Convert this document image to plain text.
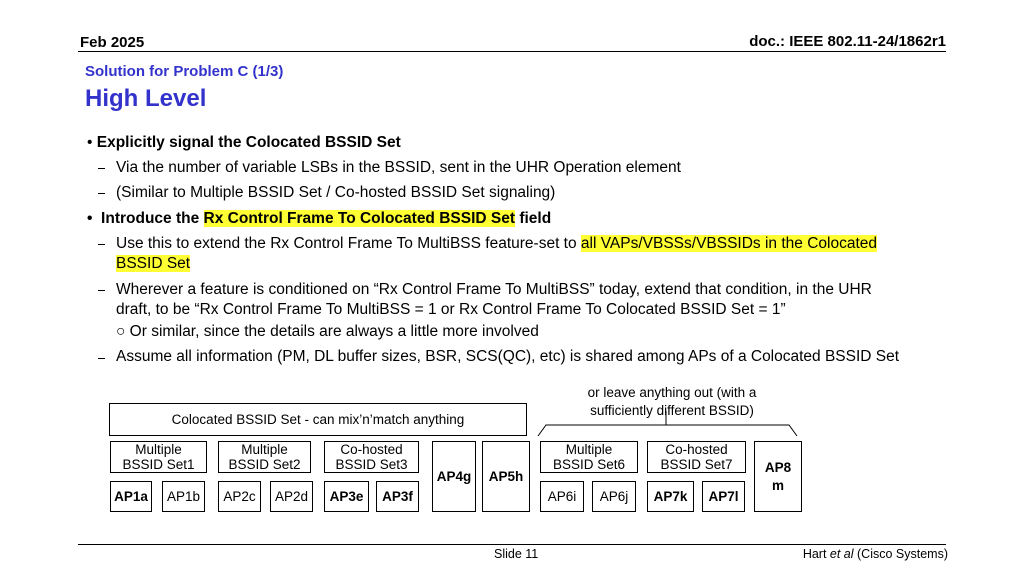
Feb 2025	doc.: IEEE 802.11-24/1862r1
Solution for Problem C (1/3)
High Level
• Explicitly signal the Colocated BSSID Set
Via the number of variable LSBs in the BSSID, sent in the UHR Operation element
(Similar to Multiple BSSID Set / Co-hosted BSSID Set signaling)
•  Introduce the Rx Control Frame To Colocated BSSID Set field
Use this to extend the Rx Control Frame To MultiBSS feature-set to all VAPs/VBSSs/VBSSIDs in the Colocated
BSSID Set
Wherever a feature is conditioned on “Rx Control Frame To MultiBSS” today, extend that condition, in the UHR
draft, to be “Rx Control Frame To MultiBSS = 1 or Rx Control Frame To Colocated BSSID Set = 1”
○ Or similar, since the details are always a little more involved
Assume all information (PM, DL buffer sizes, BSR, SCS(QC), etc) is shared among APs of a Colocated BSSID Set
or leave anything out (with a
sufficiently different BSSID)
Colocated BSSID Set - can mix’n’match anything
Multiple
BSSID Set1
Multiple
BSSID Set2
Co-hosted
BSSID Set3
Multiple
BSSID Set6
Co-hosted
BSSID Set7
AP4g	AP5h
AP8
m
AP1a	AP1b	AP2c	AP2d	AP3e	AP3f	AP6i	AP6j	AP7k	AP7l
Slide 11	Hart et al (Cisco Systems)
